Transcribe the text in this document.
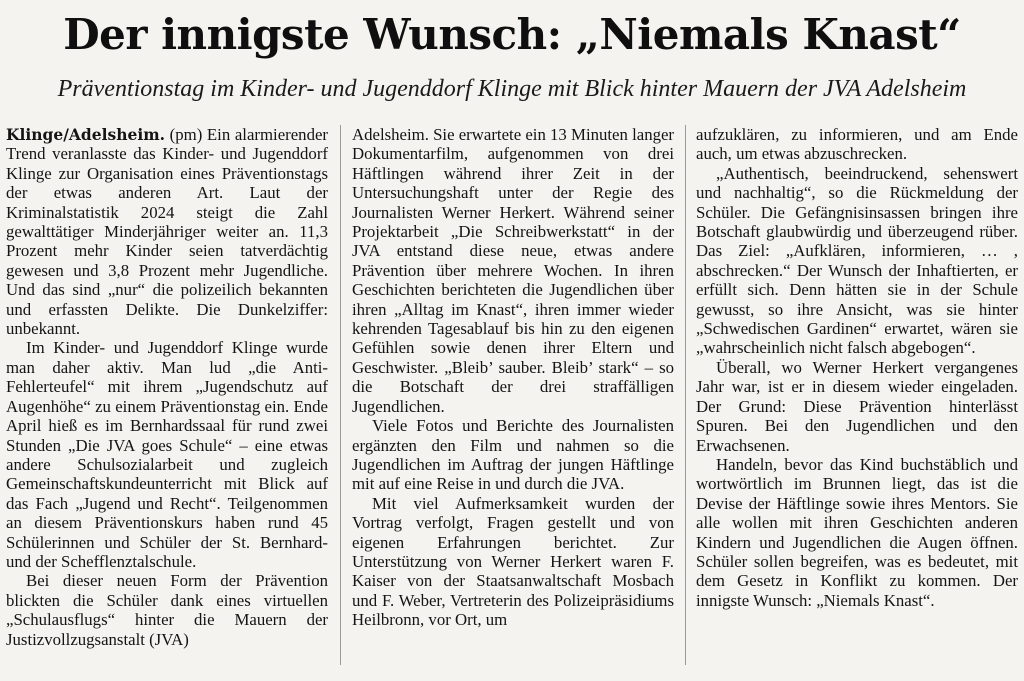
Der innigste Wunsch: „Niemals Knast“
Präventionstag im Kinder- und Jugenddorf Klinge mit Blick hinter Mauern der JVA Adelsheim

Klinge/Adelsheim. (pm) Ein alarmierender Trend veranlasste das Kinder- und Jugenddorf Klinge zur Organisation eines Präventionstags der etwas anderen Art. Laut der Kriminalstatistik 2024 steigt die Zahl gewalttätiger Minderjähriger weiter an. 11,3 Prozent mehr Kinder seien tatverdächtig gewesen und 3,8 Prozent mehr Jugendliche. Und das sind „nur“ die polizeilich bekannten und erfassten Delikte. Die Dunkelziffer: unbekannt.

Im Kinder- und Jugenddorf Klinge wurde man daher aktiv. Man lud „die Anti-Fehlerteufel“ mit ihrem „Jugendschutz auf Augenhöhe“ zu einem Präventionstag ein. Ende April hieß es im Bernhardssaal für rund zwei Stunden „Die JVA goes Schule“ – eine etwas andere Schulsozialarbeit und zugleich Gemeinschaftskundeunterricht mit Blick auf das Fach „Jugend und Recht“. Teilgenommen an diesem Präventionskurs haben rund 45 Schülerinnen und Schüler der St. Bernhard- und der Schefflenztalschule.

Bei dieser neuen Form der Prävention blickten die Schüler dank eines virtuellen „Schulausflugs“ hinter die Mauern der Justizvollzugsanstalt (JVA)

Adelsheim. Sie erwartete ein 13 Minuten langer Dokumentarfilm, aufgenommen von drei Häftlingen während ihrer Zeit in der Untersuchungshaft unter der Regie des Journalisten Werner Herkert. Während seiner Projektarbeit „Die Schreibwerkstatt“ in der JVA entstand diese neue, etwas andere Prävention über mehrere Wochen. In ihren Geschichten berichteten die Jugendlichen über ihren „Alltag im Knast“, ihren immer wieder kehrenden Tagesablauf bis hin zu den eigenen Gefühlen sowie denen ihrer Eltern und Geschwister. „Bleib’ sauber. Bleib’ stark“ – so die Botschaft der drei straffälligen Jugendlichen.

Viele Fotos und Berichte des Journalisten ergänzten den Film und nahmen so die Jugendlichen im Auftrag der jungen Häftlinge mit auf eine Reise in und durch die JVA.

Mit viel Aufmerksamkeit wurden der Vortrag verfolgt, Fragen gestellt und von eigenen Erfahrungen berichtet. Zur Unterstützung von Werner Herkert waren F. Kaiser von der Staatsanwaltschaft Mosbach und F. Weber, Vertreterin des Polizeipräsidiums Heilbronn, vor Ort, um

aufzuklären, zu informieren, und am Ende auch, um etwas abzuschrecken.

„Authentisch, beeindruckend, sehenswert und nachhaltig“, so die Rückmeldung der Schüler. Die Gefängnisinsassen bringen ihre Botschaft glaubwürdig und überzeugend rüber. Das Ziel: „Aufklären, informieren, … , abschrecken.“ Der Wunsch der Inhaftierten, er erfüllt sich. Denn hätten sie in der Schule gewusst, so ihre Ansicht, was sie hinter „Schwedischen Gardinen“ erwartet, wären sie „wahrscheinlich nicht falsch abgebogen“.

Überall, wo Werner Herkert vergangenes Jahr war, ist er in diesem wieder eingeladen. Der Grund: Diese Prävention hinterlässt Spuren. Bei den Jugendlichen und den Erwachsenen.

Handeln, bevor das Kind buchstäblich und wortwörtlich im Brunnen liegt, das ist die Devise der Häftlinge sowie ihres Mentors. Sie alle wollen mit ihren Geschichten anderen Kindern und Jugendlichen die Augen öffnen. Schüler sollen begreifen, was es bedeutet, mit dem Gesetz in Konflikt zu kommen. Der innigste Wunsch: „Niemals Knast“.
